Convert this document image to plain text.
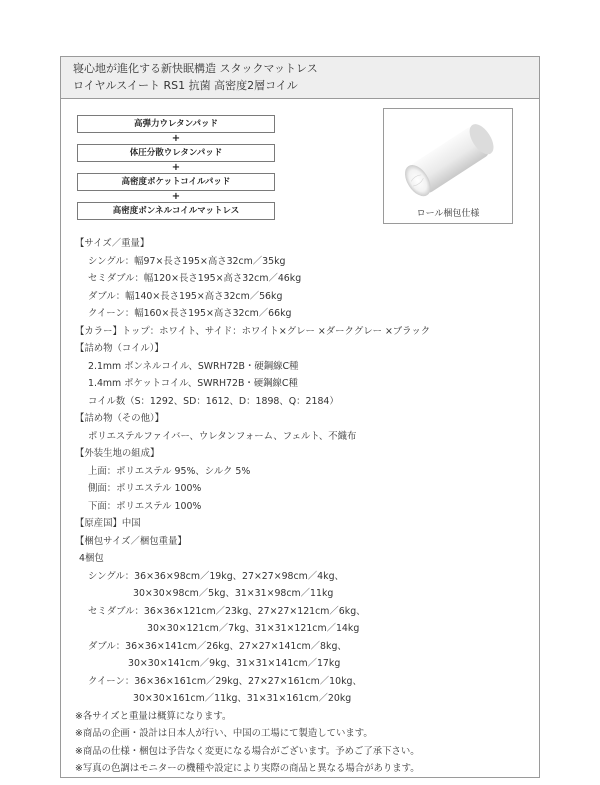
寝心地が進化する新快眠構造 スタックマットレス
ロイヤルスイート RS1 抗菌 高密度2層コイル
高弾力ウレタンパッド
+
体圧分散ウレタンパッド
+
高密度ポケットコイルパッド
+
高密度ボンネルコイルマットレス	ロール梱包仕様
【サイズ／重量】
シングル：幅97×長さ195×高さ32cm／35kg
セミダブル：幅120×長さ195×高さ32cm／46kg
ダブル：幅140×長さ195×高さ32cm／56kg
クイーン：幅160×長さ195×高さ32cm／66kg
【カラー】トップ：ホワイト、サイド：ホワイト×グレー ×ダークグレー ×ブラック
【詰め物（コイル）】
2.1mm ボンネルコイル、SWRH72B・硬鋼線C種
1.4mm ポケットコイル、SWRH72B・硬鋼線C種
コイル数（S：1292、SD：1612、D：1898、Q：2184）
【詰め物（その他）】
ポリエステルファイバー、ウレタンフォーム、フェルト、不織布
【外装生地の組成】
上面：ポリエステル 95%、シルク 5%
側面：ポリエステル 100%
下面：ポリエステル 100%
【原産国】中国
【梱包サイズ／梱包重量】
4梱包
シングル：36×36×98cm／19kg、27×27×98cm／4kg、
30×30×98cm／5kg、31×31×98cm／11kg
セミダブル：36×36×121cm／23kg、27×27×121cm／6kg、
30×30×121cm／7kg、31×31×121cm／14kg
ダブル：36×36×141cm／26kg、27×27×141cm／8kg、
30×30×141cm／9kg、31×31×141cm／17kg
クイーン：36×36×161cm／29kg、27×27×161cm／10kg、
30×30×161cm／11kg、31×31×161cm／20kg
※各サイズと重量は概算になります。
※商品の企画・設計は日本人が行い、中国の工場にて製造しています。
※商品の仕様・梱包は予告なく変更になる場合がございます。予めご了承下さい。
※写真の色調はモニターの機種や設定により実際の商品と異なる場合があります。
